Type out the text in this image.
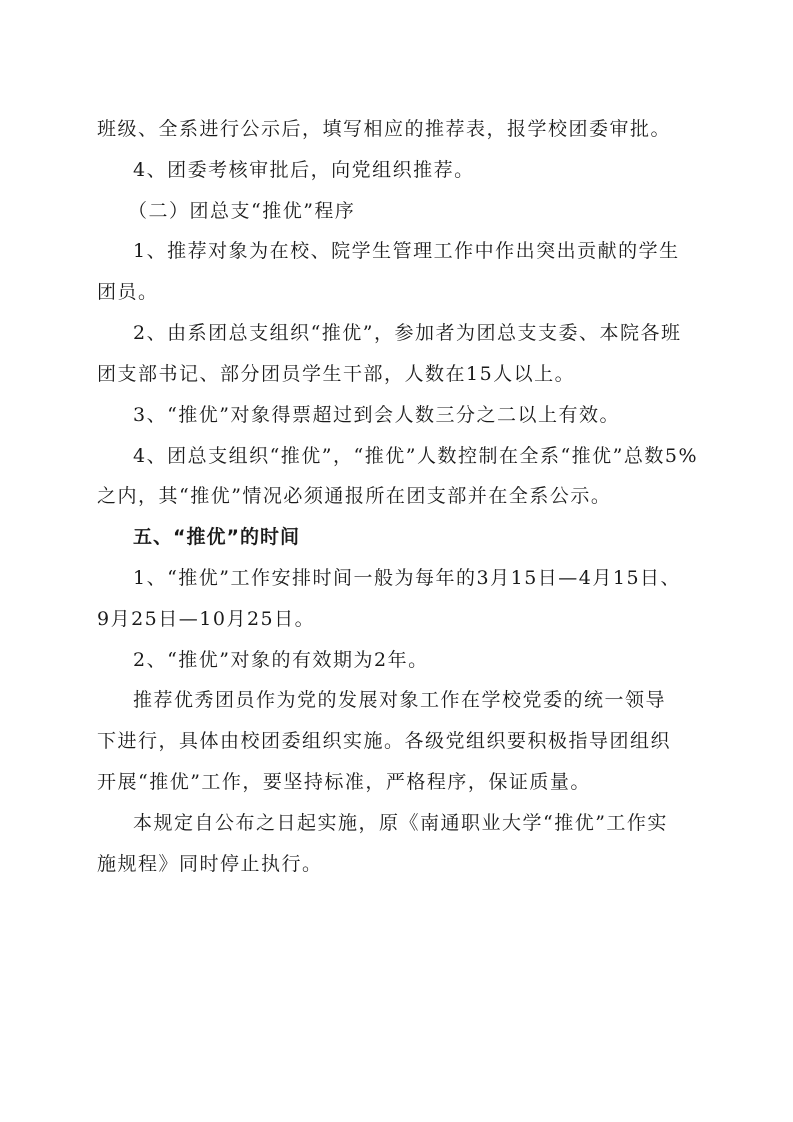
班级、全系进行公示后，填写相应的推荐表，报学校团委审批。
4、团委考核审批后，向党组织推荐。
（二）团总支“推优”程序
1、推荐对象为在校、院学生管理工作中作出突出贡献的学生
团员。
2、由系团总支组织“推优”，参加者为团总支支委、本院各班
团支部书记、部分团员学生干部，人数在15人以上。
3、“推优”对象得票超过到会人数三分之二以上有效。
4、团总支组织“推优”，“推优”人数控制在全系“推优”总数5%
之内，其“推优”情况必须通报所在团支部并在全系公示。
五、“推优”的时间
1、“推优”工作安排时间一般为每年的3月15日—4月15日、
9月25日—10月25日。
2、“推优”对象的有效期为2年。
推荐优秀团员作为党的发展对象工作在学校党委的统一领导
下进行，具体由校团委组织实施。各级党组织要积极指导团组织
开展“推优”工作，要坚持标准，严格程序，保证质量。
本规定自公布之日起实施，原《南通职业大学“推优”工作实
施规程》同时停止执行。
